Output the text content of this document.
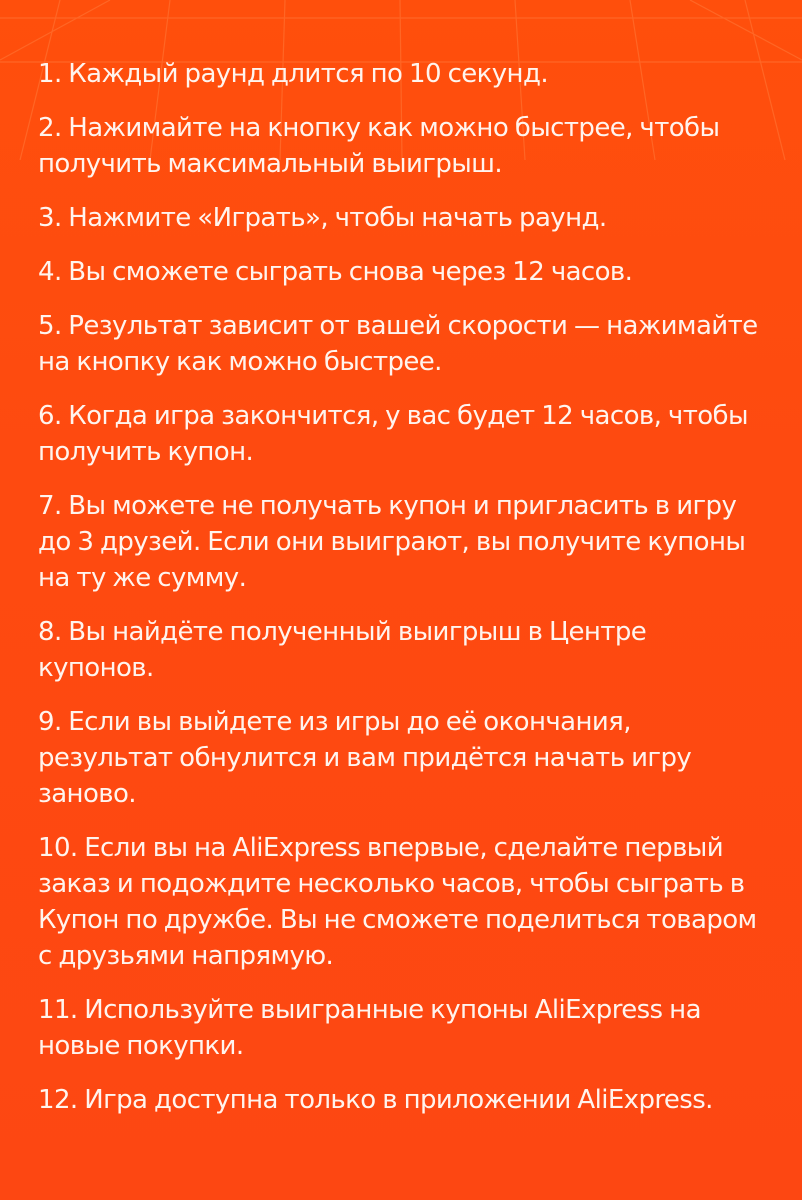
1. Каждый раунд длится по 10 секунд.
2. Нажимайте на кнопку как можно быстрее, чтобы получить максимальный выигрыш.
3. Нажмите «Играть», чтобы начать раунд.
4. Вы сможете сыграть снова через 12 часов.
5. Результат зависит от вашей скорости — нажимайте на кнопку как можно быстрее.
6. Когда игра закончится, у вас будет 12 часов, чтобы получить купон.
7. Вы можете не получать купон и пригласить в игру до 3 друзей. Если они выиграют, вы получите купоны на ту же сумму.
8. Вы найдёте полученный выигрыш в Центре купонов.
9. Если вы выйдете из игры до её окончания, результат обнулится и вам придётся начать игру заново.
10. Если вы на AliExpress впервые, сделайте первый заказ и подождите несколько часов, чтобы сыграть в Купон по дружбе. Вы не сможете поделиться товаром с друзьями напрямую.
11. Используйте выигранные купоны AliExpress на новые покупки.
12. Игра доступна только в приложении AliExpress.
